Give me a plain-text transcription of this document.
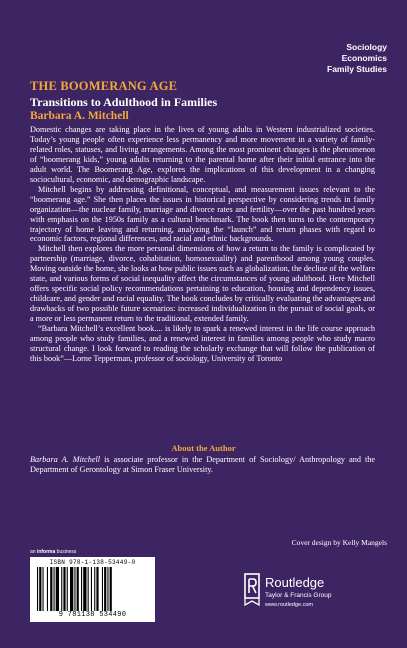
Sociology
Economics
Family Studies
THE BOOMERANG AGE
Transitions to Adulthood in Families
Barbara A. Mitchell

Domestic changes are taking place in the lives of young adults in Western industrialized societies. Today’s young people often experience less permanency and more movement in a variety of family-related roles, statuses, and living arrangements. Among the most prominent changes is the phenomenon of “boomerang kids,” young adults returning to the parental home after their initial entrance into the adult world. The Boomerang Age, explores the implications of this development in a changing sociocultural, economic, and demographic landscape.

Mitchell begins by addressing definitional, conceptual, and measurement issues relevant to the “boomerang age.” She then places the issues in historical perspective by considering trends in family organization—the nuclear family, marriage and divorce rates and fertility—over the past hundred years with emphasis on the 1950s family as a cultural benchmark. The book then turns to the contemporary trajectory of home leaving and returning, analyzing the “launch” and return phases with regard to economic factors, regional differences, and racial and ethnic backgrounds.

Mitchell then explores the more personal dimensions of how a return to the family is complicated by partnership (marriage, divorce, cohabitation, homosexuality) and parenthood among young couples. Moving outside the home, she looks at how public issues such as globalization, the decline of the welfare state, and various forms of social inequality affect the circumstances of young adulthood. Here Mitchell offers specific social policy recommendations pertaining to education, housing and dependency issues, childcare, and gender and racial equality. The book concludes by critically evaluating the advantages and drawbacks of two possible future scenarios: increased individualization in the pursuit of social goals, or a more or less permanent return to the traditional, extended family.

“Barbara Mitchell’s excellent book.... is likely to spark a renewed interest in the life course approach among people who study families, and a renewed interest in families among people who study macro structural change. I look forward to reading the scholarly exchange that will follow the publication of this book”—Lorne Tepperman, professor of sociology, University of Toronto

About the Author
Barbara A. Mitchell is associate professor in the Department of Sociology/ Anthropology and the Department of Gerontology at Simon Fraser University.
Cover design by Kelly Mangels
an informa business
ISBN 978-1-138-53449-0
9 781138 534490
Routledge
Taylor & Francis Group
www.routledge.com
